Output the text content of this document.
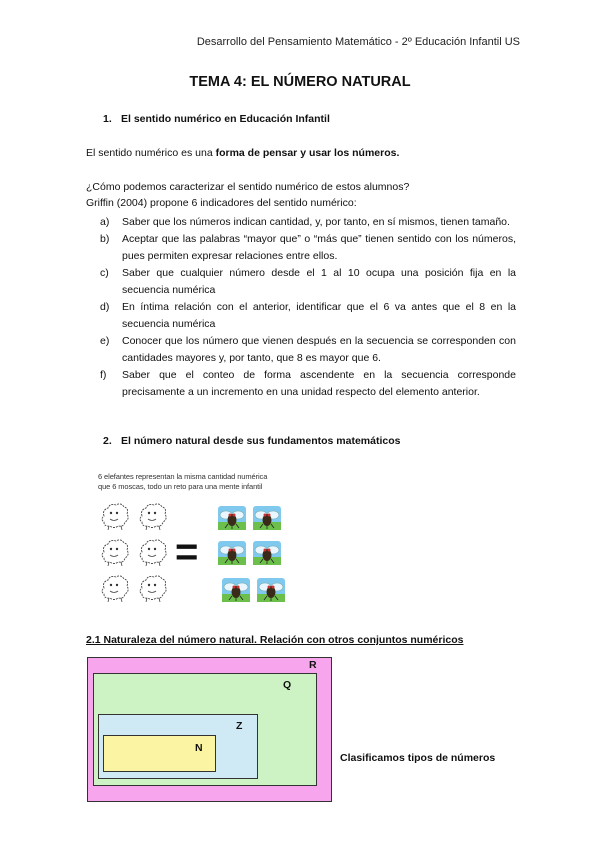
Desarrollo del Pensamiento Matemático - 2º Educación Infantil US
TEMA 4: EL NÚMERO NATURAL
1. El sentido numérico en Educación Infantil
El sentido numérico es una forma de pensar y usar los números.
¿Cómo podemos caracterizar el sentido numérico de estos alumnos?
Griffin (2004) propone 6 indicadores del sentido numérico:
a)	Saber que los números indican cantidad, y, por tanto, en sí mismos, tienen tamaño.
b)	Aceptar que las palabras “mayor que” o “más que” tienen sentido con los números, pues permiten expresar relaciones entre ellos.
c)	Saber que cualquier número desde el 1 al 10 ocupa una posición fija en la secuencia numérica
d)	En íntima relación con el anterior, identificar que el 6 va antes que el 8 en la secuencia numérica
e)	Conocer que los número que vienen después en la secuencia se corresponden con cantidades mayores y, por tanto, que 8 es mayor que 6.
f)	Saber que el conteo de forma ascendente en la secuencia corresponde precisamente a un incremento en una unidad respecto del elemento anterior.
2. El número natural desde sus fundamentos matemáticos
6 elefantes representan la misma cantidad numérica
que 6 moscas, todo un reto para una mente infantil
=
2.1 Naturaleza del número natural. Relación con otros conjuntos numéricos
R
Q
Z
N
Clasificamos tipos de números
